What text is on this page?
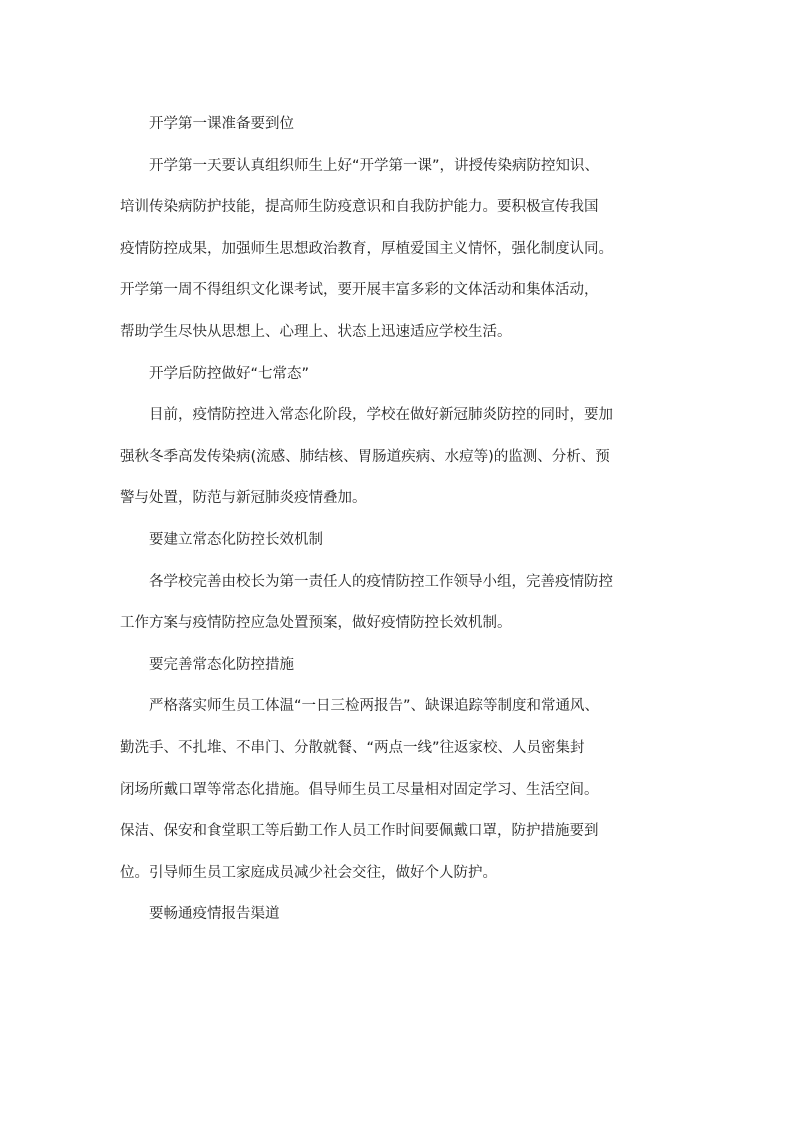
开学第一课准备要到位
开学第一天要认真组织师生上好“开学第一课”，讲授传染病防控知识、
培训传染病防护技能，提高师生防疫意识和自我防护能力。要积极宣传我国
疫情防控成果，加强师生思想政治教育，厚植爱国主义情怀，强化制度认同。
开学第一周不得组织文化课考试，要开展丰富多彩的文体活动和集体活动，
帮助学生尽快从思想上、心理上、状态上迅速适应学校生活。
开学后防控做好“七常态”
目前，疫情防控进入常态化阶段，学校在做好新冠肺炎防控的同时，要加
强秋冬季高发传染病(流感、肺结核、胃肠道疾病、水痘等)的监测、分析、预
警与处置，防范与新冠肺炎疫情叠加。
要建立常态化防控长效机制
各学校完善由校长为第一责任人的疫情防控工作领导小组，完善疫情防控
工作方案与疫情防控应急处置预案，做好疫情防控长效机制。
要完善常态化防控措施
严格落实师生员工体温“一日三检两报告”、缺课追踪等制度和常通风、
勤洗手、不扎堆、不串门、分散就餐、“两点一线”往返家校、人员密集封
闭场所戴口罩等常态化措施。倡导师生员工尽量相对固定学习、生活空间。
保洁、保安和食堂职工等后勤工作人员工作时间要佩戴口罩，防护措施要到
位。引导师生员工家庭成员减少社会交往，做好个人防护。
要畅通疫情报告渠道
